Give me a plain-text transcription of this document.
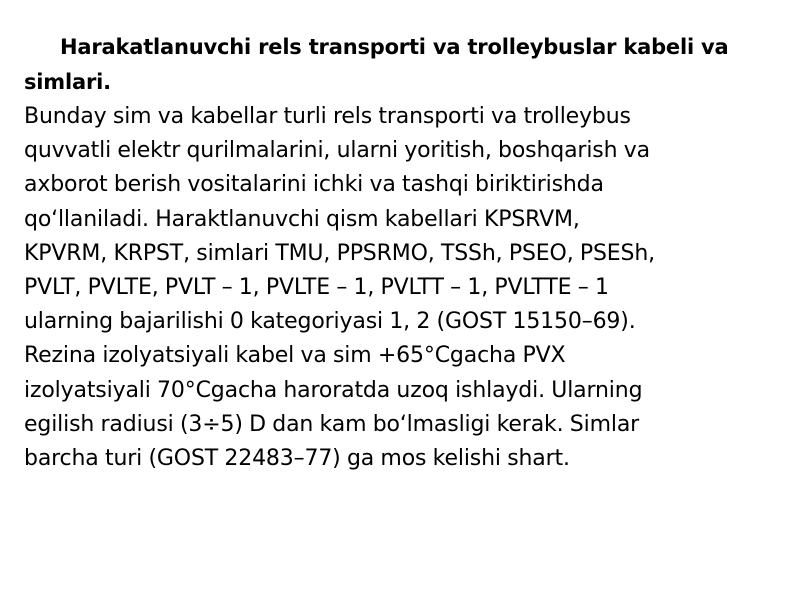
Harakatlanuvchi rels transporti va trolleybuslar kabeli va simlari.

Bunday sim va kabellar turli rels transporti va trolleybus
quvvatli elektr qurilmalarini, ularni yoritish, boshqarish va
axborot berish vositalarini ichki va tashqi biriktirishda
qo‘llaniladi. Haraktlanuvchi qism kabellari KPSRVM,
KPVRM, KRPST, simlari TMU, PPSRMO, TSSh, PSEO, PSESh,
PVLT, PVLTE, PVLT – 1, PVLTE – 1, PVLTT – 1, PVLTTE – 1
ularning bajarilishi 0 kategoriyasi 1, 2 (GOST 15150–69).
Rezina izolyatsiyali kabel va sim +65°Cgacha PVX
izolyatsiyali 70°Cgacha haroratda uzoq ishlaydi. Ularning
egilish radiusi (3÷5) D dan kam bo‘lmasligi kerak. Simlar
barcha turi (GOST 22483–77) ga mos kelishi shart.
